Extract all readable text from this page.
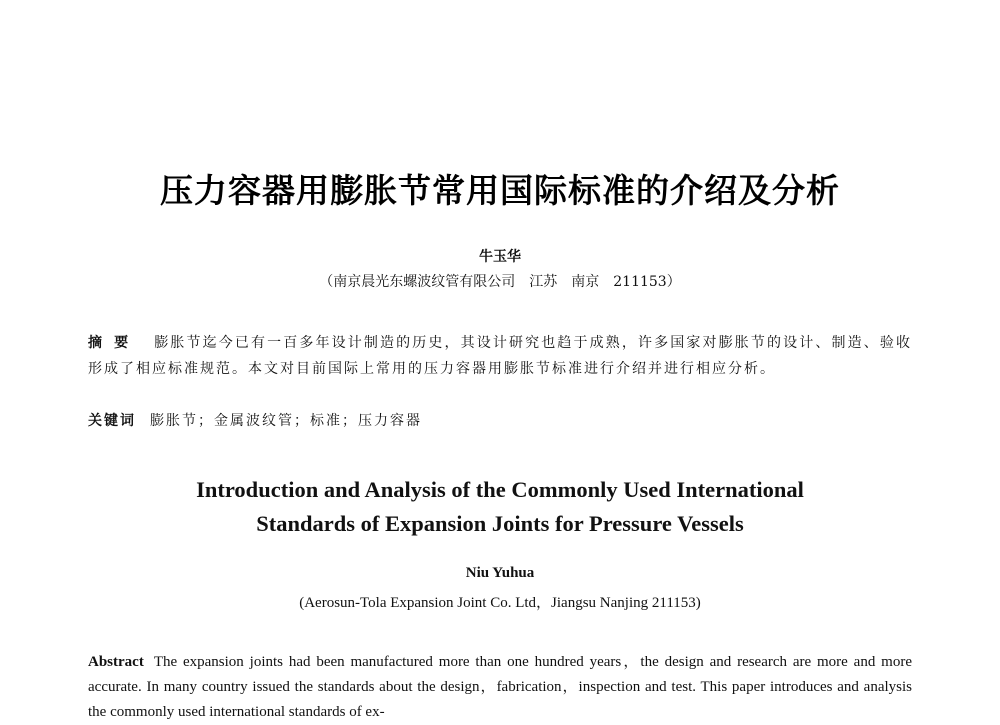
压力容器用膨胀节常用国际标准的介绍及分析
牛玉华
（南京晨光东螺波纹管有限公司　江苏　南京　211153）
摘要 膨胀节迄今已有一百多年设计制造的历史，其设计研究也趋于成熟，许多国家对膨胀节的设计、制造、验收形成了相应标准规范。本文对目前国际上常用的压力容器用膨胀节标准进行介绍并进行相应分析。
关键词 膨胀节；金属波纹管；标准；压力容器
Introduction and Analysis of the Commonly Used International
Standards of Expansion Joints for Pressure Vessels
Niu Yuhua
(Aerosun-Tola Expansion Joint Co. Ltd，Jiangsu Nanjing 211153)
Abstract The expansion joints had been manufactured more than one hundred years，the design and research are more and more accurate. In many country issued the standards about the design，fabrication，inspection and test. This paper introduces and analysis the commonly used international standards of ex-
